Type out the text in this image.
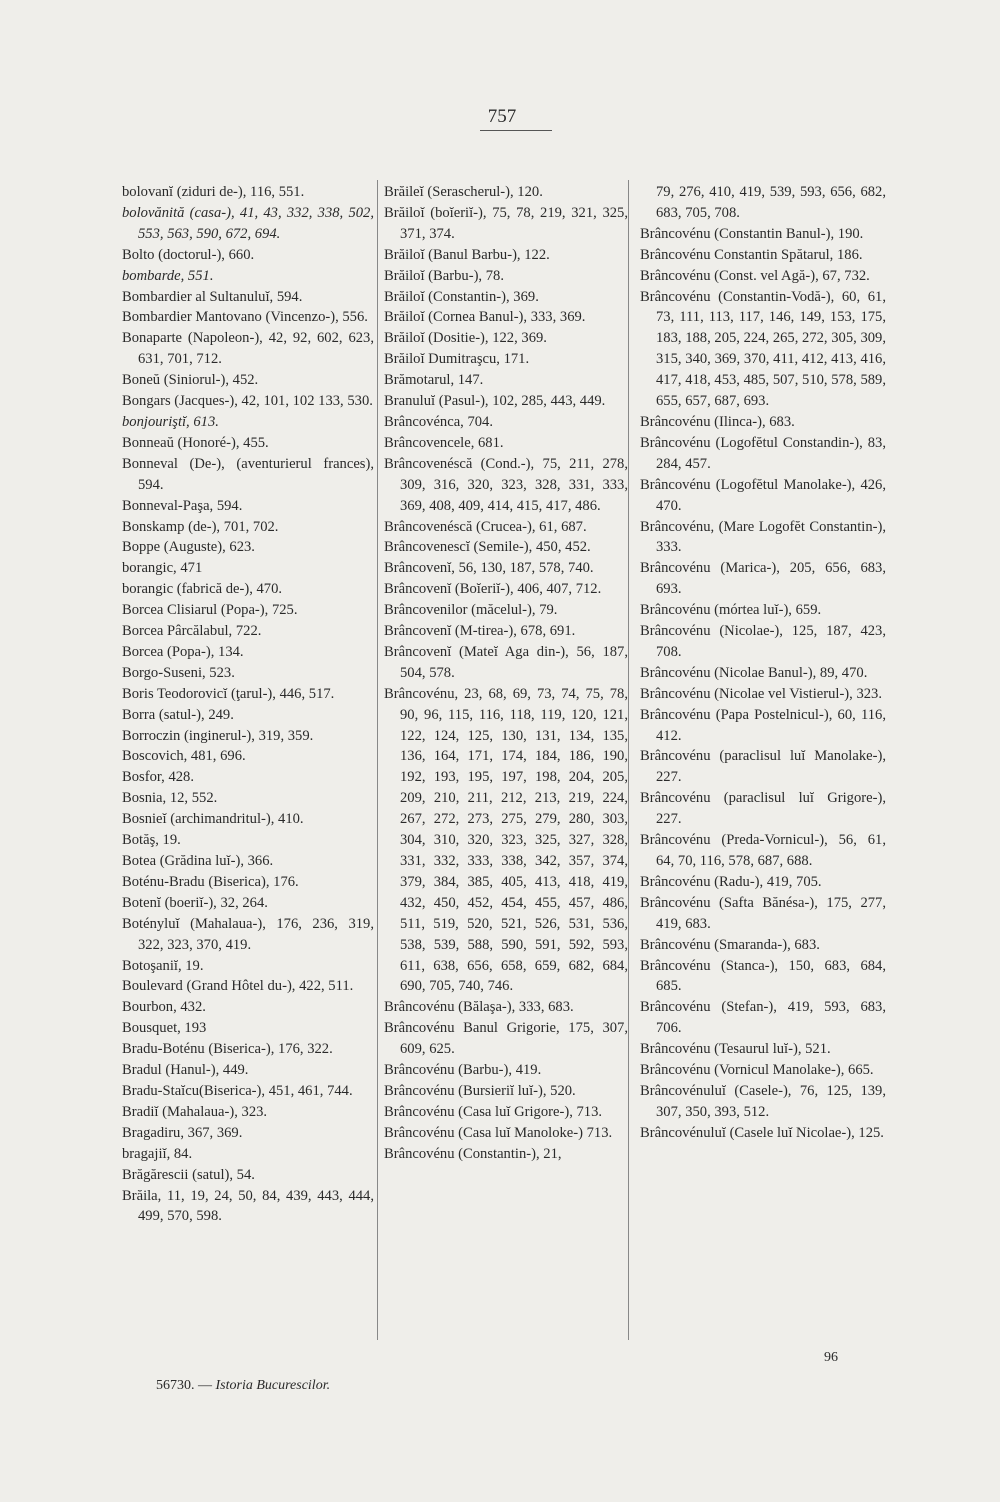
757
bolovanĭ (ziduri de-), 116, 551.
bolovănită (casa-), 41, 43, 332, 338, 502, 553, 563, 590, 672, 694.
Bolto (doctorul-), 660.
bombarde, 551.
Bombardier al Sultanuluĭ, 594.
Bombardier Mantovano (Vincenzo-), 556.
Bonaparte (Napoleon-), 42, 92, 602, 623, 631, 701, 712.
Boneŭ (Siniorul-), 452.
Bongars (Jacques-), 42, 101, 102 133, 530.
bonjouriştĭ, 613.
Bonneaŭ (Honoré-), 455.
Bonneval (De-), (aventurierul frances), 594.
Bonneval-Paşa, 594.
Bonskamp (de-), 701, 702.
Boppe (Auguste), 623.
borangic, 471
borangic (fabrică de-), 470.
Borcea Clisiarul (Popa-), 725.
Borcea Pârcălabul, 722.
Borcea (Popa-), 134.
Borgo-Suseni, 523.
Boris Teodorovicĭ (ţarul-), 446, 517.
Borra (satul-), 249.
Borroczin (inginerul-), 319, 359.
Boscovich, 481, 696.
Bosfor, 428.
Bosnia, 12, 552.
Bosnieĭ (archimandritul-), 410.
Botăş, 19.
Botea (Grădina luĭ-), 366.
Boténu-Bradu (Biserica), 176.
Botenĭ (boeriĭ-), 32, 264.
Botényluĭ (Mahalaua-), 176, 236, 319, 322, 323, 370, 419.
Botoşaniĭ, 19.
Boulevard (Grand Hôtel du-), 422, 511.
Bourbon, 432.
Bousquet, 193
Bradu-Boténu (Biserica-), 176, 322.
Bradul (Hanul-), 449.
Bradu-Staĭcu(Biserica-), 451, 461, 744.
Bradiĭ (Mahalaua-), 323.
Bragadiru, 367, 369.
bragajiĭ, 84.
Brăgărescii (satul), 54.
Brăila, 11, 19, 24, 50, 84, 439, 443, 444, 499, 570, 598.
Brăileĭ (Serascherul-), 120.
Brăiloĭ (boĭeriĭ-), 75, 78, 219, 321, 325, 371, 374.
Brăiloĭ (Banul Barbu-), 122.
Brăiloĭ (Barbu-), 78.
Brăiloĭ (Constantin-), 369.
Brăiloĭ (Cornea Banul-), 333, 369.
Brăiloĭ (Dositie-), 122, 369.
Brăiloĭ Dumitraşcu, 171.
Brămotarul, 147.
Branuluĭ (Pasul-), 102, 285, 443, 449.
Brâncovénca, 704.
Brâncovencele, 681.
Brâncovenéscă (Cond.-), 75, 211, 278, 309, 316, 320, 323, 328, 331, 333, 369, 408, 409, 414, 415, 417, 486.
Brâncovenéscă (Crucea-), 61, 687.
Brâncovenescĭ (Semile-), 450, 452.
Brâncovenĭ, 56, 130, 187, 578, 740.
Brâncovenĭ (Boĭeriĭ-), 406, 407, 712.
Brâncovenilor (măcelul-), 79.
Brâncovenĭ (M-tirea-), 678, 691.
Brâncovenĭ (Mateĭ Aga din-), 56, 187, 504, 578.
Brâncovénu, 23, 68, 69, 73, 74, 75, 78, 90, 96, 115, 116, 118, 119, 120, 121, 122, 124, 125, 130, 131, 134, 135, 136, 164, 171, 174, 184, 186, 190, 192, 193, 195, 197, 198, 204, 205, 209, 210, 211, 212, 213, 219, 224, 267, 272, 273, 275, 279, 280, 303, 304, 310, 320, 323, 325, 327, 328, 331, 332, 333, 338, 342, 357, 374, 379, 384, 385, 405, 413, 418, 419, 432, 450, 452, 454, 455, 457, 486, 511, 519, 520, 521, 526, 531, 536, 538, 539, 588, 590, 591, 592, 593, 611, 638, 656, 658, 659, 682, 684, 690, 705, 740, 746.
Brâncovénu (Bălaşa-), 333, 683.
Brâncovénu Banul Grigorie, 175, 307, 609, 625.
Brâncovénu (Barbu-), 419.
Brâncovénu (Bursieriĭ luĭ-), 520.
Brâncovénu (Casa luĭ Grigore-), 713.
Brâncovénu (Casa luĭ Manoloke-) 713.
Brâncovénu (Constantin-), 21,
79, 276, 410, 419, 539, 593, 656, 682, 683, 705, 708.
Brâncovénu (Constantin Banul-), 190.
Brâncovénu Constantin Spătarul, 186.
Brâncovénu (Const. vel Agă-), 67, 732.
Brâncovénu (Constantin-Vodă-), 60, 61, 73, 111, 113, 117, 146, 149, 153, 175, 183, 188, 205, 224, 265, 272, 305, 309, 315, 340, 369, 370, 411, 412, 413, 416, 417, 418, 453, 485, 507, 510, 578, 589, 655, 657, 687, 693.
Brâncovénu (Ilinca-), 683.
Brâncovénu (Logofĕtul Constandin-), 83, 284, 457.
Brâncovénu (Logofĕtul Manolake-), 426, 470.
Brâncovénu, (Mare Logofĕt Constantin-), 333.
Brâncovénu (Marica-), 205, 656, 683, 693.
Brâncovénu (mórtea luĭ-), 659.
Brâncovénu (Nicolae-), 125, 187, 423, 708.
Brâncovénu (Nicolae Banul-), 89, 470.
Brâncovénu (Nicolae vel Vistierul-), 323.
Brâncovénu (Papa Postelnicul-), 60, 116, 412.
Brâncovénu (paraclisul luĭ Manolake-), 227.
Brâncovénu (paraclisul luĭ Grigore-), 227.
Brâncovénu (Preda-Vornicul-), 56, 61, 64, 70, 116, 578, 687, 688.
Brâncovénu (Radu-), 419, 705.
Brâncovénu (Safta Bănésa-), 175, 277, 419, 683.
Brâncovénu (Smaranda-), 683.
Brâncovénu (Stanca-), 150, 683, 684, 685.
Brâncovénu (Stefan-), 419, 593, 683, 706.
Brâncovénu (Tesaurul luĭ-), 521.
Brâncovénu (Vornicul Manolake-), 665.
Brâncovénuluĭ (Casele-), 76, 125, 139, 307, 350, 393, 512.
Brâncovénuluĭ (Casele luĭ Nicolae-), 125.
96
56730. — Istoria Bucurescilor.
